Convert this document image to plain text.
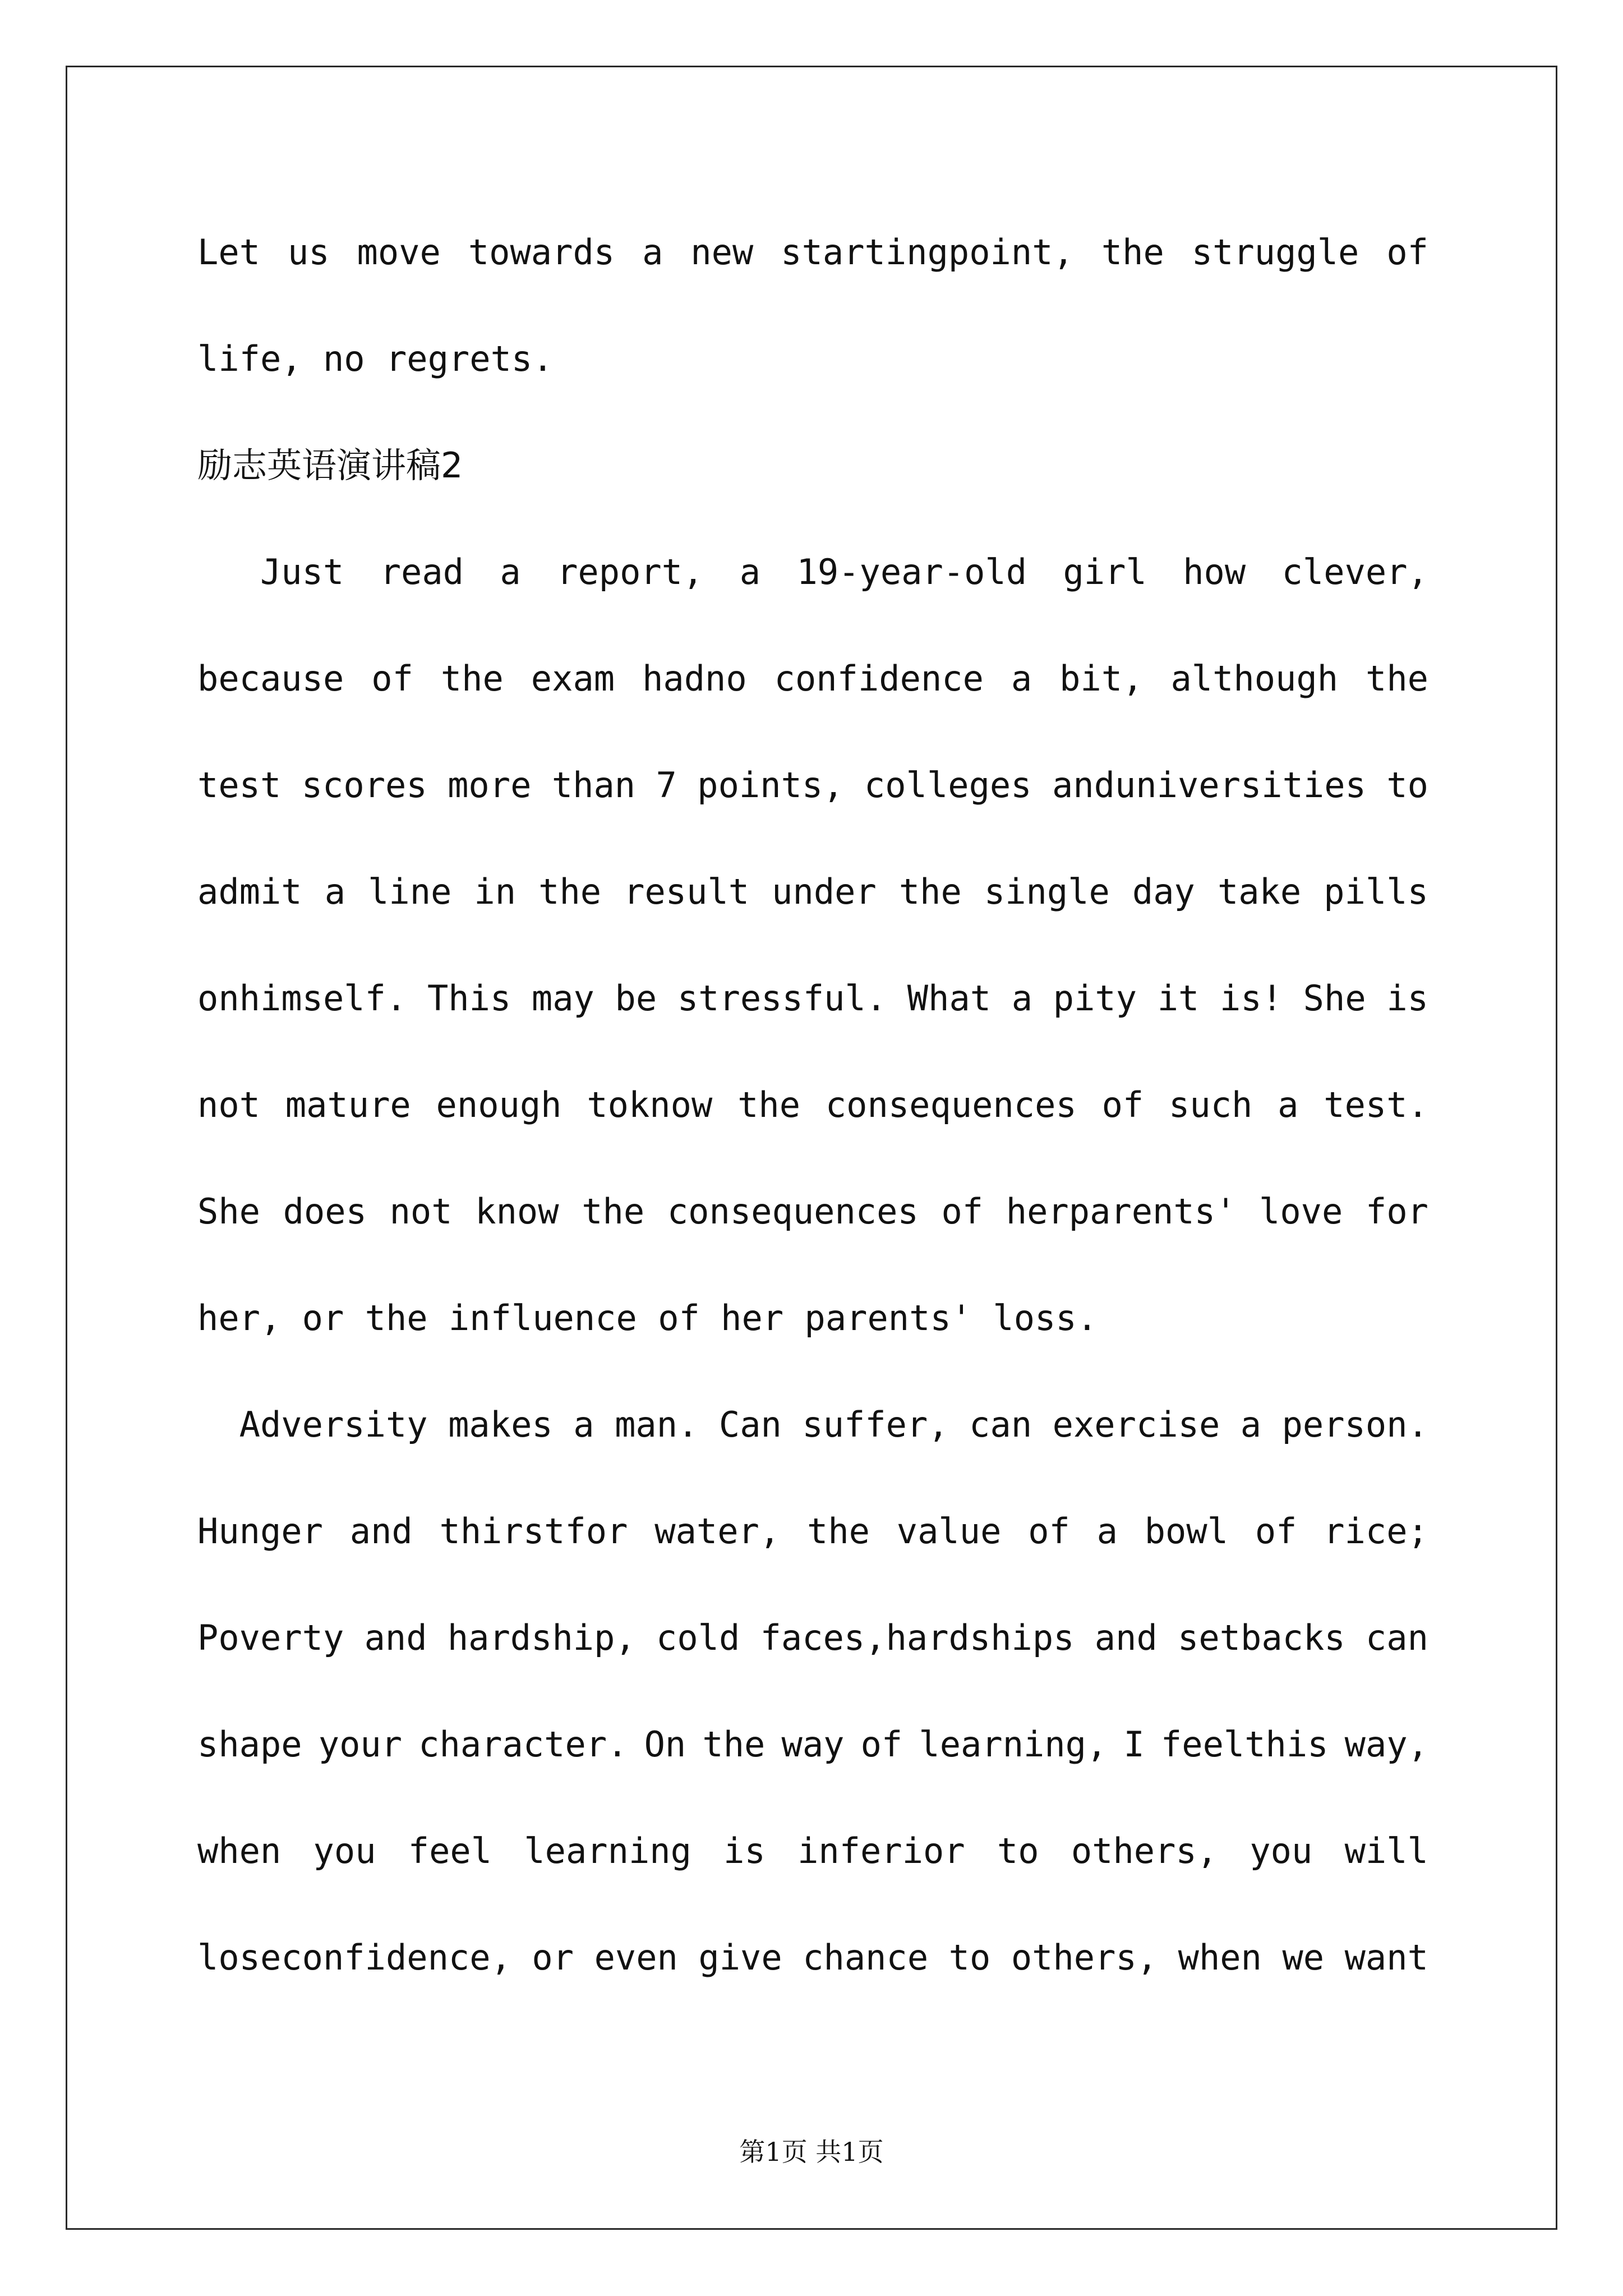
Let us move towards a new startingpoint, the struggle of
life, no regrets.
励志英语演讲稿2
Just read a report, a 19-year-old girl how clever,
because of the exam hadno confidence a bit, although the
test scores more than 7 points, colleges anduniversities to
admit a line in the result under the single day take pills
onhimself. This may be stressful. What a pity it is! She is
not mature enough toknow the consequences of such a test.
She does not know the consequences of herparents' love for
her, or the influence of her parents' loss.
Adversity makes a man. Can suffer, can exercise a person.
Hunger and thirstfor water, the value of a bowl of rice;
Poverty and hardship, cold faces,hardships and setbacks can
shape your character. On the way of learning, I feelthis way,
when you feel learning is inferior to others, you will
loseconfidence, or even give chance to others, when we want
第1页 共1页
